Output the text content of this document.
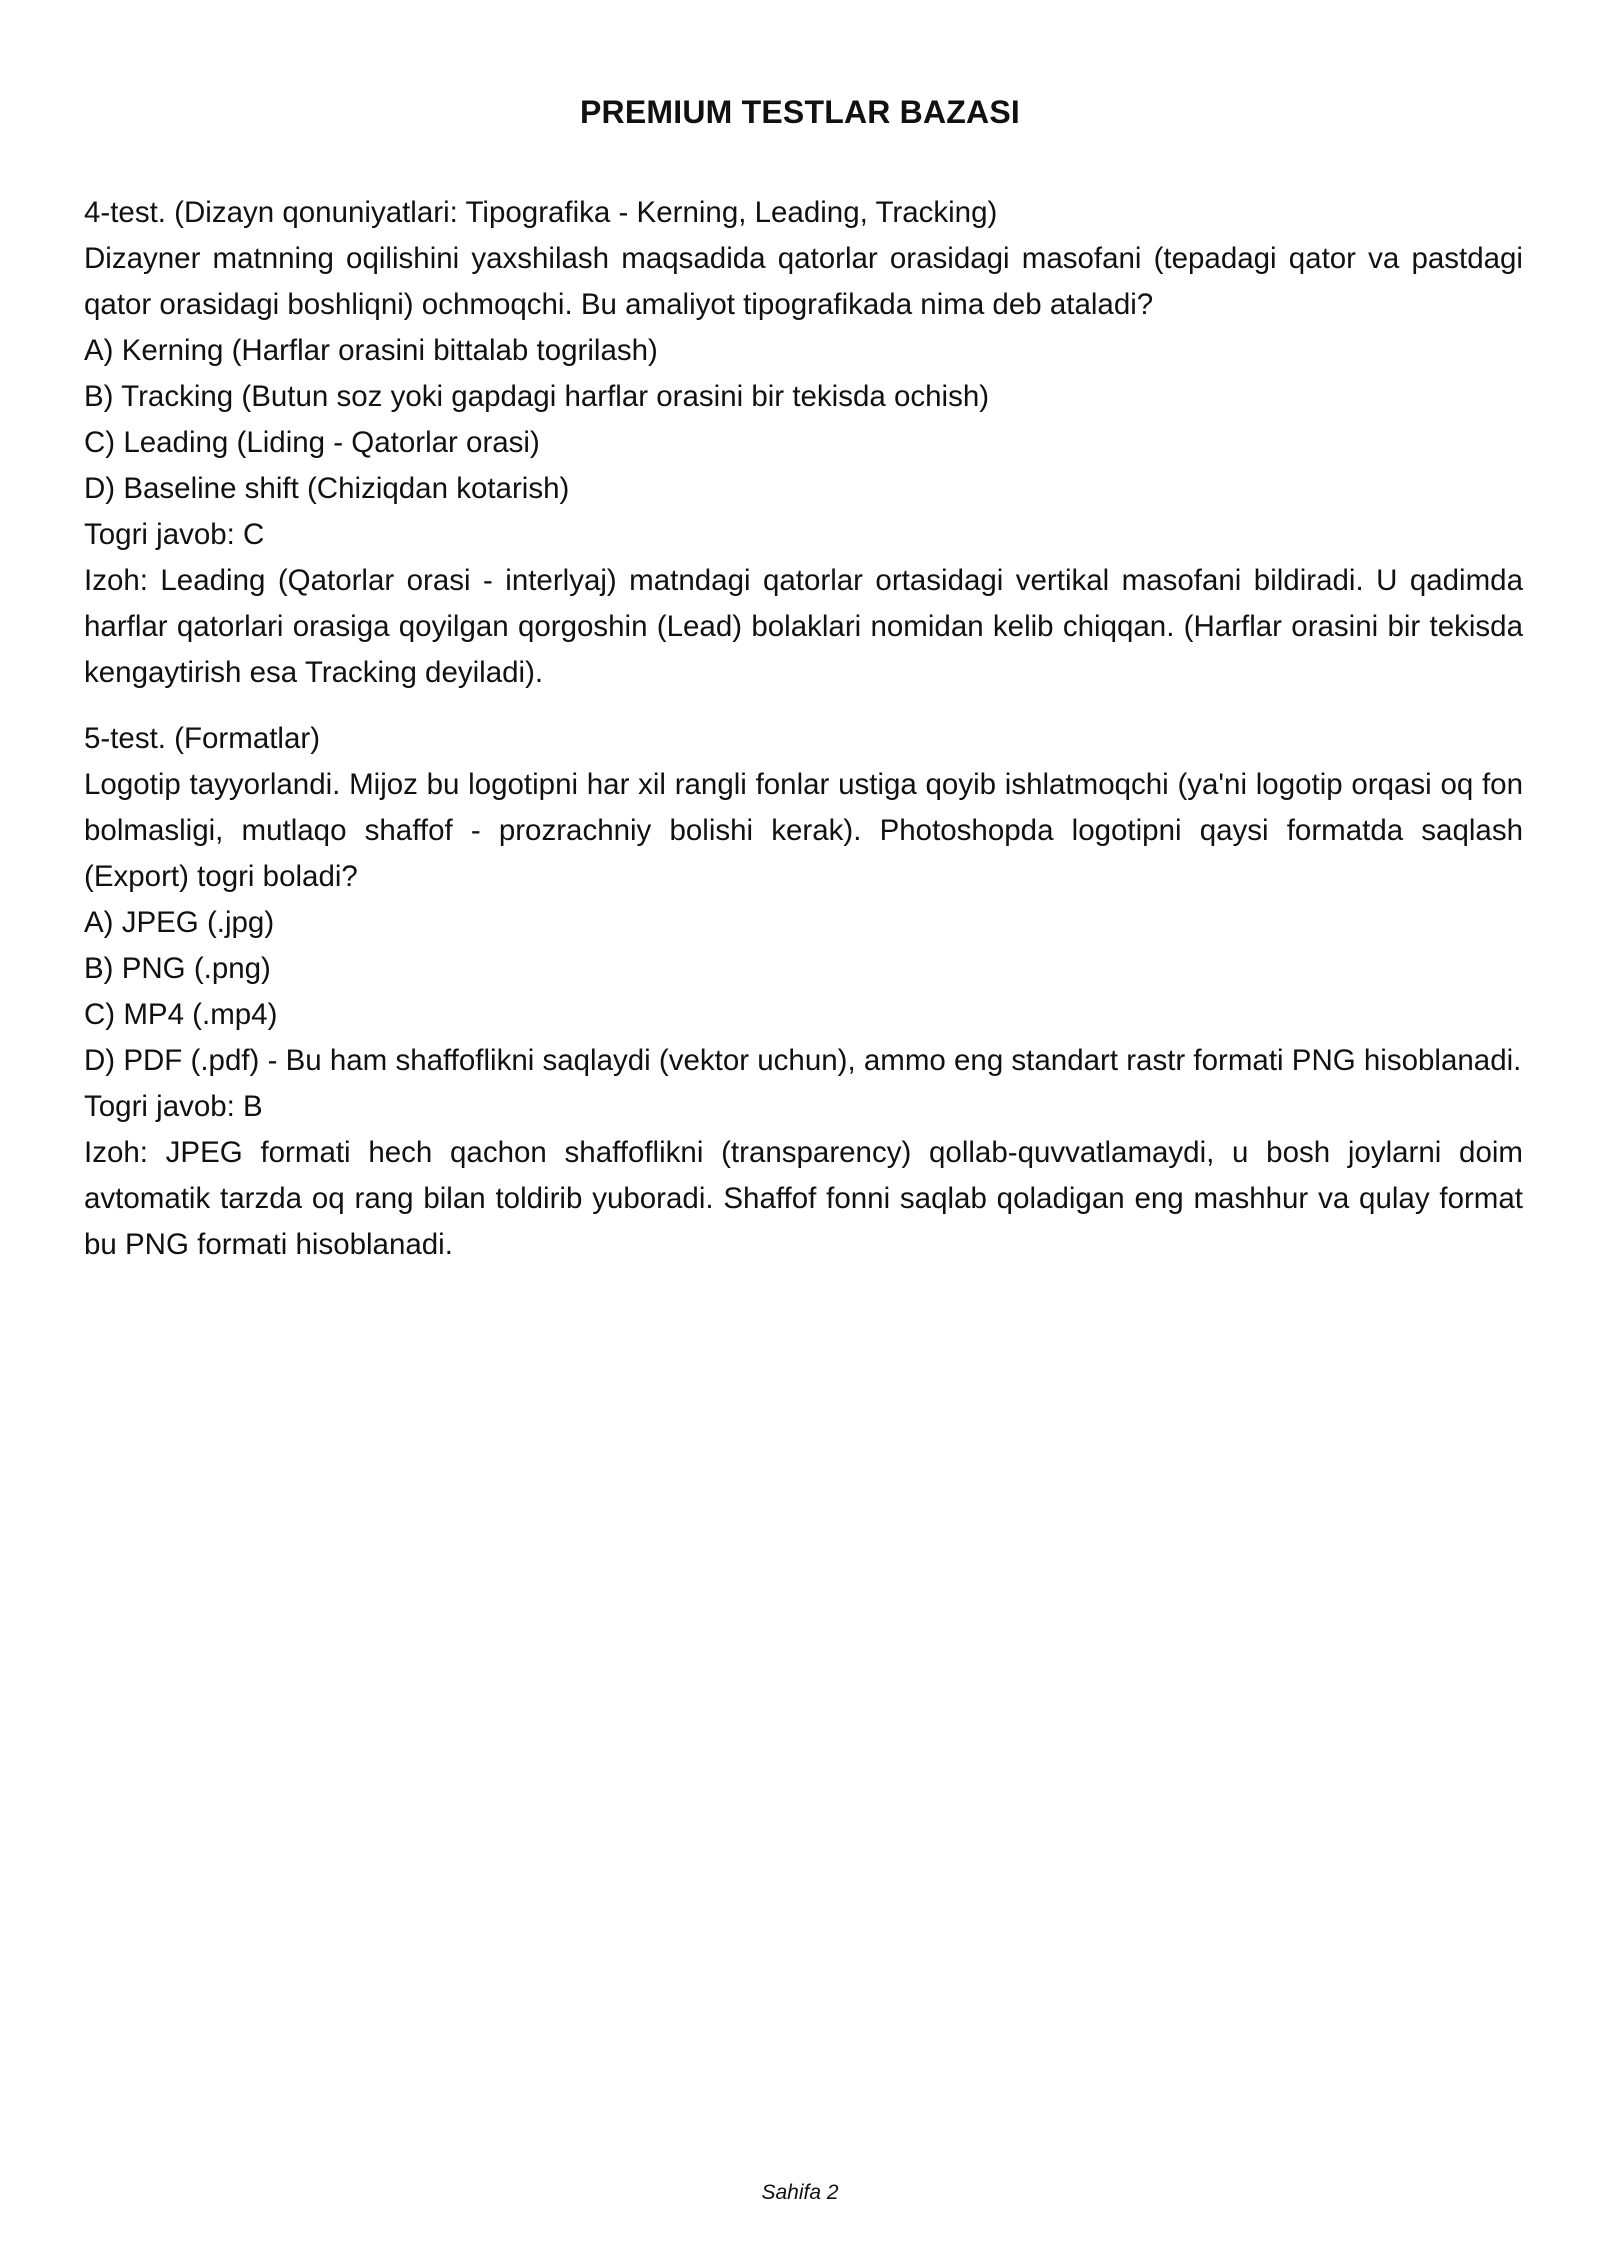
PREMIUM TESTLAR BAZASI

4-test. (Dizayn qonuniyatlari: Tipografika - Kerning, Leading, Tracking)

Dizayner matnning oqilishini yaxshilash maqsadida qatorlar orasidagi masofani (tepadagi qator va pastdagi qator orasidagi boshliqni) ochmoqchi. Bu amaliyot tipografikada nima deb ataladi?

A) Kerning (Harflar orasini bittalab togrilash)

B) Tracking (Butun soz yoki gapdagi harflar orasini bir tekisda ochish)

C) Leading (Liding - Qatorlar orasi)

D) Baseline shift (Chiziqdan kotarish)

Togri javob: C

Izoh: Leading (Qatorlar orasi - interlyaj) matndagi qatorlar ortasidagi vertikal masofani bildiradi. U qadimda harflar qatorlari orasiga qoyilgan qorgoshin (Lead) bolaklari nomidan kelib chiqqan. (Harflar orasini bir tekisda kengaytirish esa Tracking deyiladi).

5-test. (Formatlar)

Logotip tayyorlandi. Mijoz bu logotipni har xil rangli fonlar ustiga qoyib ishlatmoqchi (ya'ni logotip orqasi oq fon bolmasligi, mutlaqo shaffof - prozrachniy bolishi kerak). Photoshopda logotipni qaysi formatda saqlash (Export) togri boladi?

A) JPEG (.jpg)

B) PNG (.png)

C) MP4 (.mp4)

D) PDF (.pdf) - Bu ham shaffoflikni saqlaydi (vektor uchun), ammo eng standart rastr formati PNG hisoblanadi.

Togri javob: B

Izoh: JPEG formati hech qachon shaffoflikni (transparency) qollab-quvvatlamaydi, u bosh joylarni doim avtomatik tarzda oq rang bilan toldirib yuboradi. Shaffof fonni saqlab qoladigan eng mashhur va qulay format bu PNG formati hisoblanadi.

Sahifa 2
